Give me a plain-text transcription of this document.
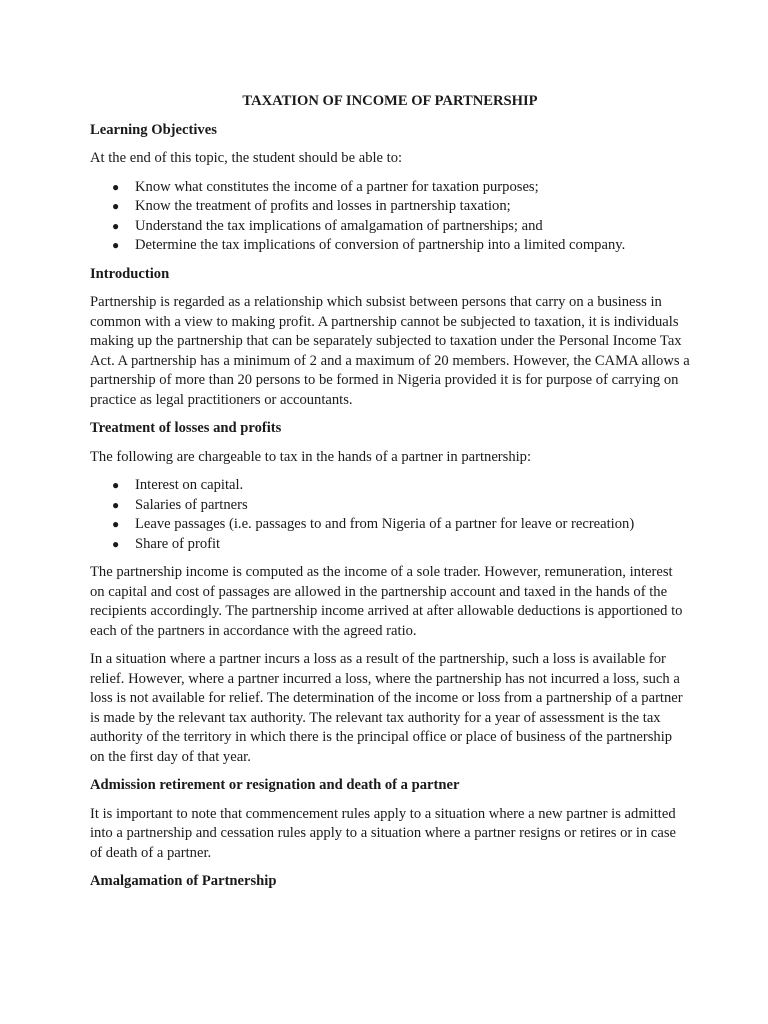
TAXATION OF INCOME OF PARTNERSHIP
Learning Objectives

At the end of this topic, the student should be able to:

● Know what constitutes the income of a partner for taxation purposes;
● Know the treatment of profits and losses in partnership taxation;
● Understand the tax implications of amalgamation of partnerships; and
● Determine the tax implications of conversion of partnership into a limited company.
Introduction

Partnership is regarded as a relationship which subsist between persons that carry on a business in common with a view to making profit. A partnership cannot be subjected to taxation, it is individuals making up the partnership that can be separately subjected to taxation under the Personal Income Tax Act. A partnership has a minimum of 2 and a maximum of 20 members. However, the CAMA allows a partnership of more than 20 persons to be formed in Nigeria provided it is for purpose of carrying on practice as legal practitioners or accountants.

Treatment of losses and profits

The following are chargeable to tax in the hands of a partner in partnership:

● Interest on capital.
● Salaries of partners
● Leave passages (i.e. passages to and from Nigeria of a partner for leave or recreation)
● Share of profit

The partnership income is computed as the income of a sole trader. However, remuneration, interest on capital and cost of passages are allowed in the partnership account and taxed in the hands of the recipients accordingly. The partnership income arrived at after allowable deductions is apportioned to each of the partners in accordance with the agreed ratio.

In a situation where a partner incurs a loss as a result of the partnership, such a loss is available for relief. However, where a partner incurred a loss, where the partnership has not incurred a loss, such a loss is not available for relief. The determination of the income or loss from a partnership of a partner is made by the relevant tax authority. The relevant tax authority for a year of assessment is the tax authority of the territory in which there is the principal office or place of business of the partnership on the first day of that year.

Admission retirement or resignation and death of a partner

It is important to note that commencement rules apply to a situation where a new partner is admitted into a partnership and cessation rules apply to a situation where a partner resigns or retires or in case of death of a partner.

Amalgamation of Partnership
